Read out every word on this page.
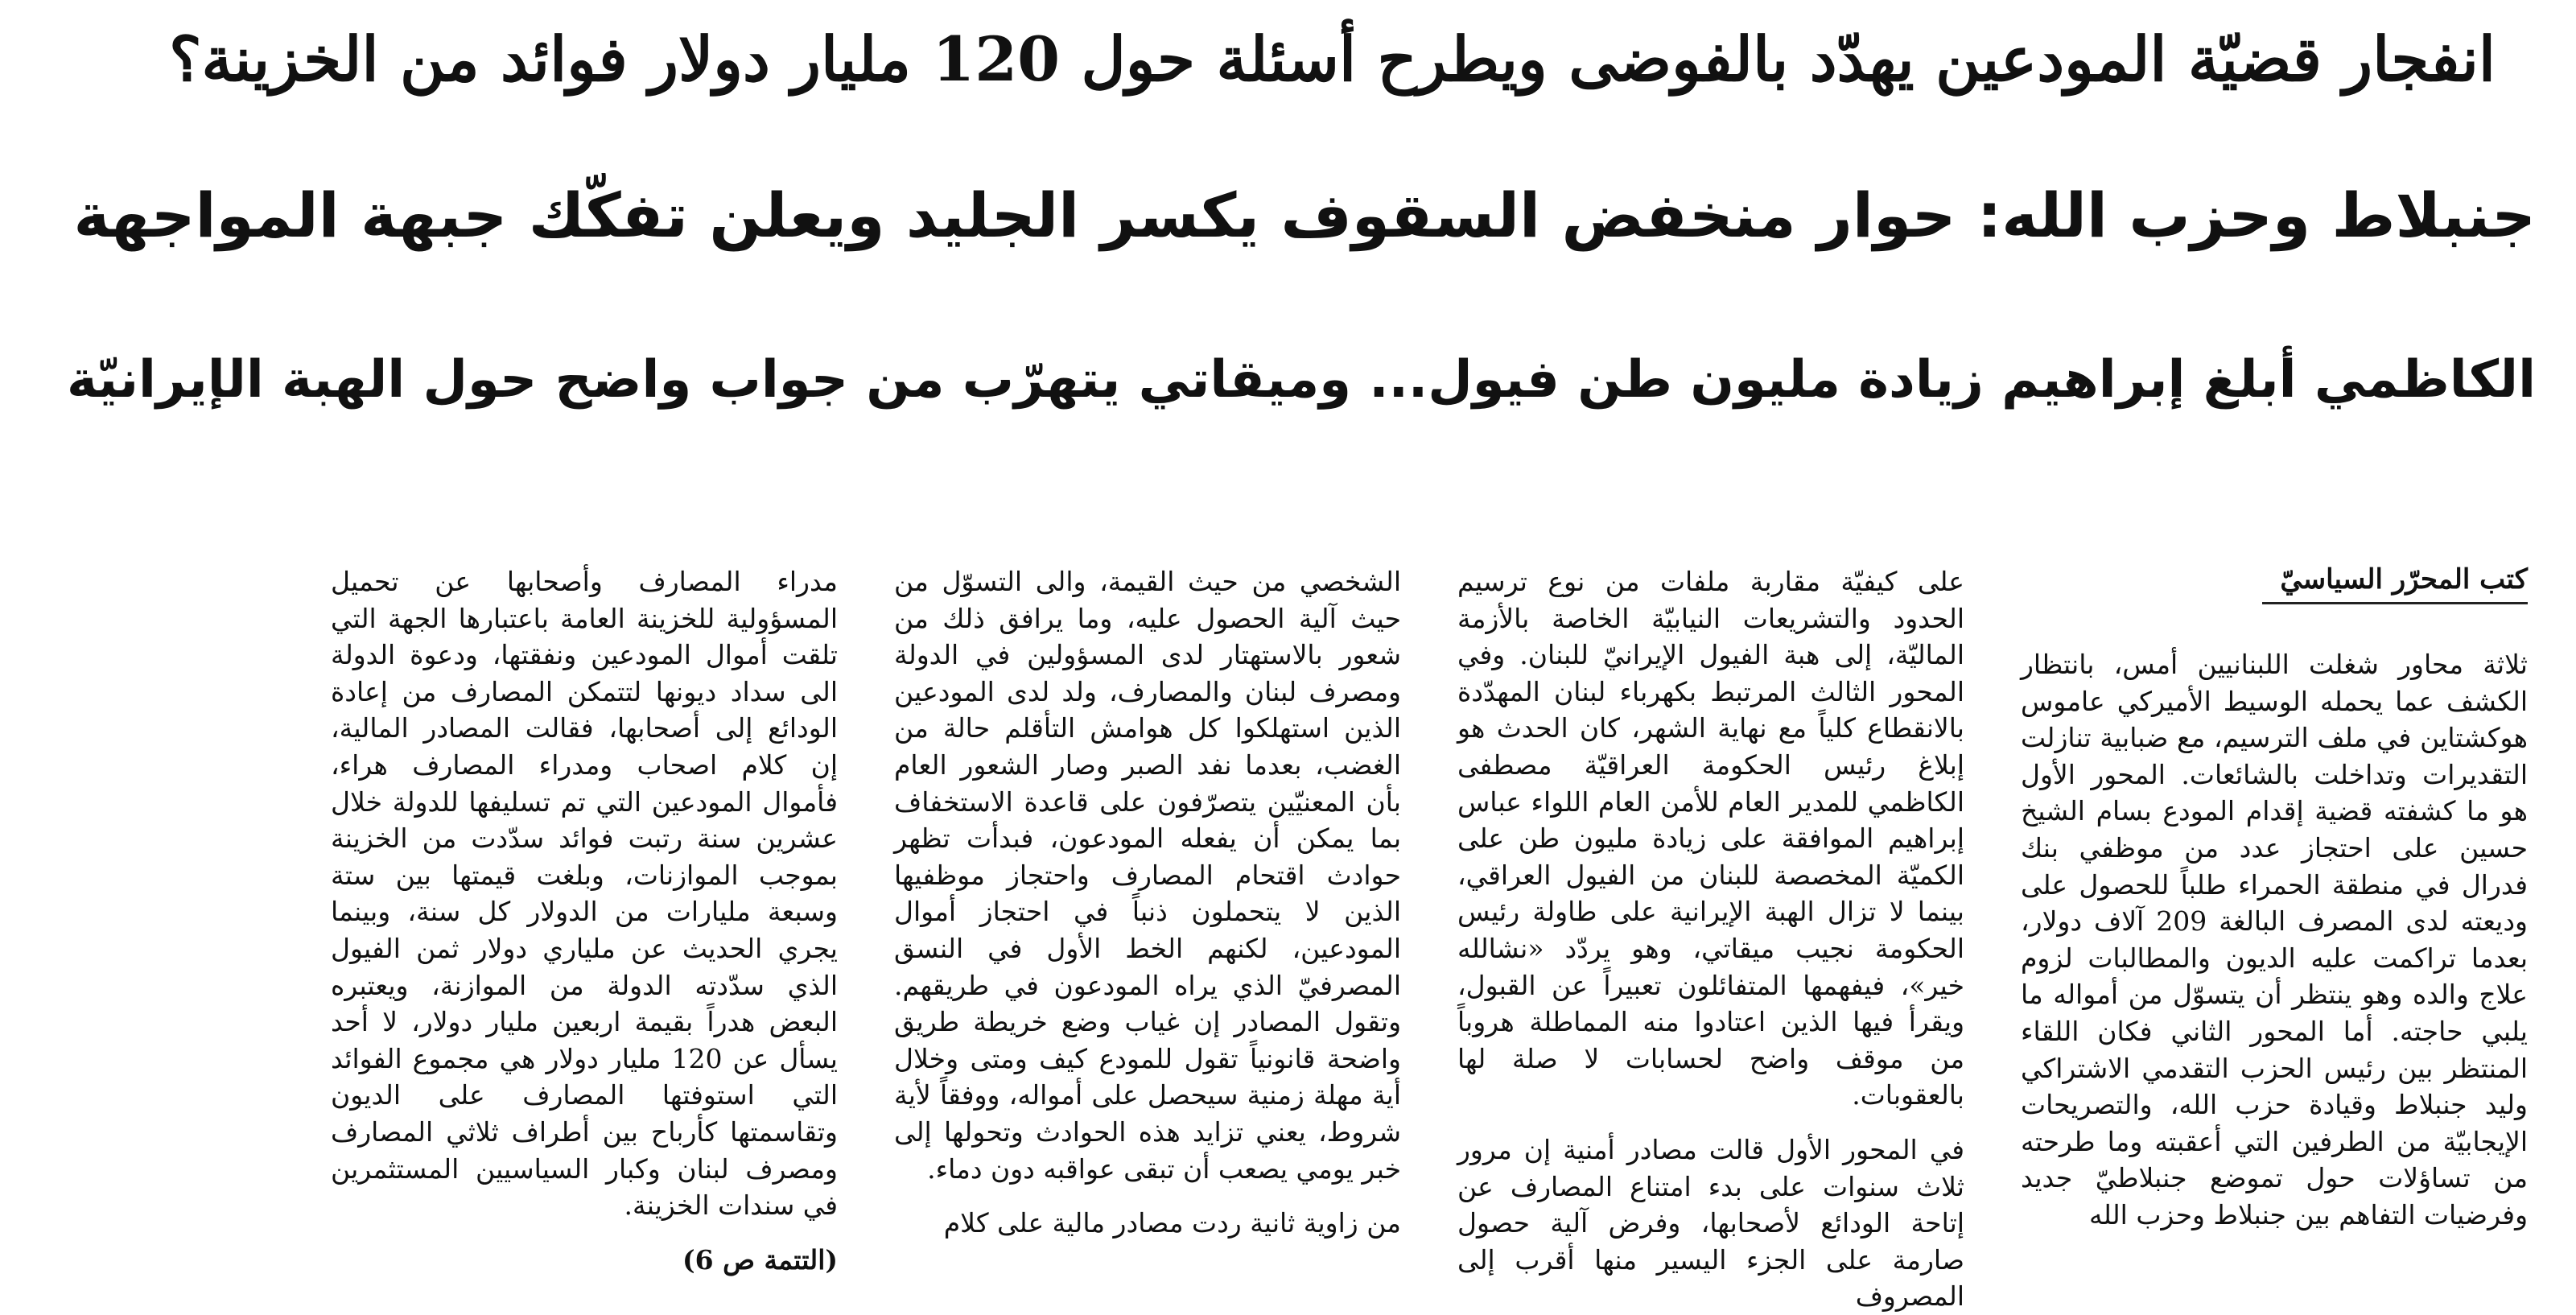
انفجار قضيّة المودعين يهدّد بالفوضى ويطرح أسئلة حول 120 مليار دولار فوائد من الخزينة؟
جنبلاط وحزب الله: حوار منخفض السقوف يكسر الجليد ويعلن تفكّك جبهة المواجهة
الكاظمي أبلغ إبراهيم زيادة مليون طن فيول... وميقاتي يتهرّب من جواب واضح حول الهبة الإيرانيّة
كتب المحرّر السياسيّ

ثلاثة محاور شغلت اللبنانيين أمس، بانتظار الكشف عما يحمله الوسيط الأميركي عاموس هوكشتاين في ملف الترسيم، مع ضبابية تنازلت التقديرات وتداخلت بالشائعات. المحور الأول هو ما كشفته قضية إقدام المودع بسام الشيخ حسين على احتجاز عدد من موظفي بنك فدرال في منطقة الحمراء طلباً للحصول على وديعته لدى المصرف البالغة 209 آلاف دولار، بعدما تراكمت عليه الديون والمطالبات لزوم علاج والده وهو ينتظر أن يتسوّل من أمواله ما يلبي حاجته. أما المحور الثاني فكان اللقاء المنتظر بين رئيس الحزب التقدمي الاشتراكي وليد جنبلاط وقيادة حزب الله، والتصريحات الإيجابيّة من الطرفين التي أعقبته وما طرحته من تساؤلات حول تموضع جنبلاطيّ جديد وفرضيات التفاهم بين جنبلاط وحزب الله

على كيفيّة مقاربة ملفات من نوع ترسيم الحدود والتشريعات النيابيّة الخاصة بالأزمة الماليّة، إلى هبة الفيول الإيرانيّ للبنان. وفي المحور الثالث المرتبط بكهرباء لبنان المهدّدة بالانقطاع كلياً مع نهاية الشهر، كان الحدث هو إبلاغ رئيس الحكومة العراقيّة مصطفى الكاظمي للمدير العام للأمن العام اللواء عباس إبراهيم الموافقة على زيادة مليون طن على الكميّة المخصصة للبنان من الفيول العراقي، بينما لا تزال الهبة الإيرانية على طاولة رئيس الحكومة نجيب ميقاتي، وهو يردّد «نشالله خير»، فيفهمها المتفائلون تعبيراً عن القبول، ويقرأ فيها الذين اعتادوا منه المماطلة هروباً من موقف واضح لحسابات لا صلة لها بالعقوبات.

في المحور الأول قالت مصادر أمنية إن مرور ثلاث سنوات على بدء امتناع المصارف عن إتاحة الودائع لأصحابها، وفرض آلية حصول صارمة على الجزء اليسير منها أقرب إلى المصروف

الشخصي من حيث القيمة، والى التسوّل من حيث آلية الحصول عليه، وما يرافق ذلك من شعور بالاستهتار لدى المسؤولين في الدولة ومصرف لبنان والمصارف، ولد لدى المودعين الذين استهلكوا كل هوامش التأقلم حالة من الغضب، بعدما نفد الصبر وصار الشعور العام بأن المعنيّين يتصرّفون على قاعدة الاستخفاف بما يمكن أن يفعله المودعون، فبدأت تظهر حوادث اقتحام المصارف واحتجاز موظفيها الذين لا يتحملون ذنباً في احتجاز أموال المودعين، لكنهم الخط الأول في النسق المصرفيّ الذي يراه المودعون في طريقهم. وتقول المصادر إن غياب وضع خريطة طريق واضحة قانونياً تقول للمودع كيف ومتى وخلال أية مهلة زمنية سيحصل على أمواله، ووفقاً لأية شروط، يعني تزايد هذه الحوادث وتحولها إلى خبر يومي يصعب أن تبقى عواقبه دون دماء.

من زاوية ثانية ردت مصادر مالية على كلام

مدراء المصارف وأصحابها عن تحميل المسؤولية للخزينة العامة باعتبارها الجهة التي تلقت أموال المودعين ونفقتها، ودعوة الدولة الى سداد ديونها لتتمكن المصارف من إعادة الودائع إلى أصحابها، فقالت المصادر المالية، إن كلام اصحاب ومدراء المصارف هراء، فأموال المودعين التي تم تسليفها للدولة خلال عشرين سنة رتبت فوائد سدّدت من الخزينة بموجب الموازنات، وبلغت قيمتها بين ستة وسبعة مليارات من الدولار كل سنة، وبينما يجري الحديث عن ملياري دولار ثمن الفيول الذي سدّدته الدولة من الموازنة، ويعتبره البعض هدراً بقيمة اربعين مليار دولار، لا أحد يسأل عن 120 مليار دولار هي مجموع الفوائد التي استوفتها المصارف على الديون وتقاسمتها كأرباح بين أطراف ثلاثي المصارف ومصرف لبنان وكبار السياسيين المستثمرين في سندات الخزينة.

(التتمة ص 6)
